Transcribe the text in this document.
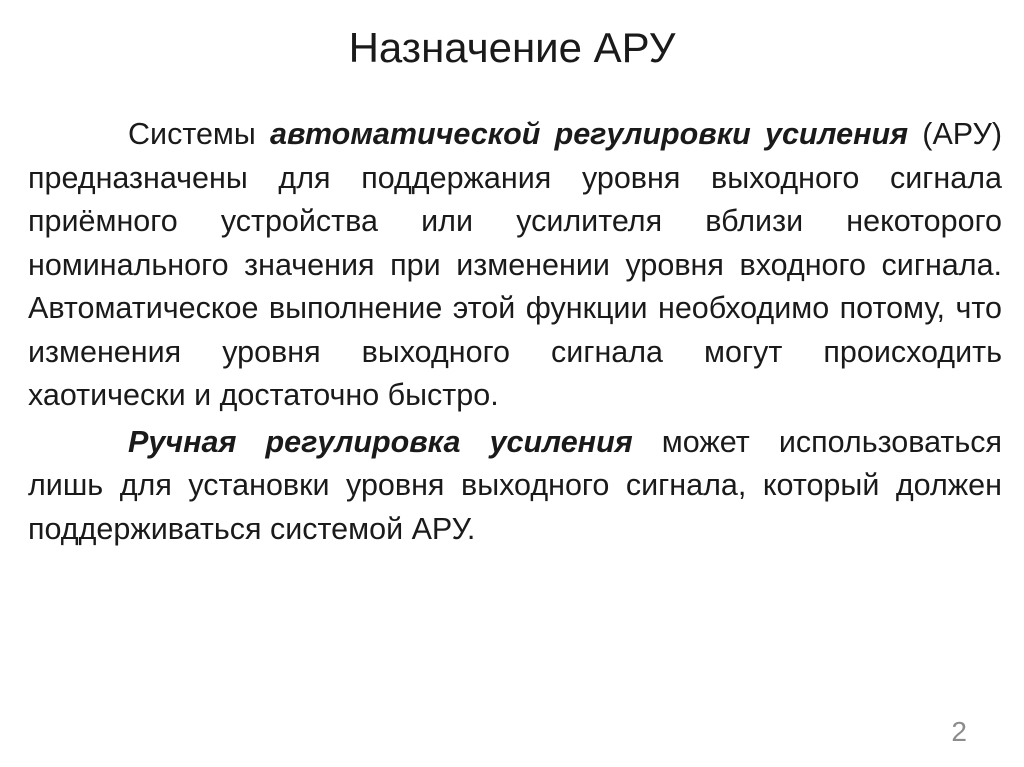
Назначение АРУ

Системы автоматической регулировки усиления (АРУ) предназначены для поддержания уровня выходного сигнала приёмного устройства или усилителя вблизи некоторого номинального значения при изменении уровня входного сигнала. Автоматическое выполнение этой функции необходимо потому, что изменения уровня выходного сигнала могут происходить хаотически и достаточно быстро.

Ручная регулировка усиления может использоваться лишь для установки уровня выходного сигнала, который должен поддерживаться системой АРУ.

2
